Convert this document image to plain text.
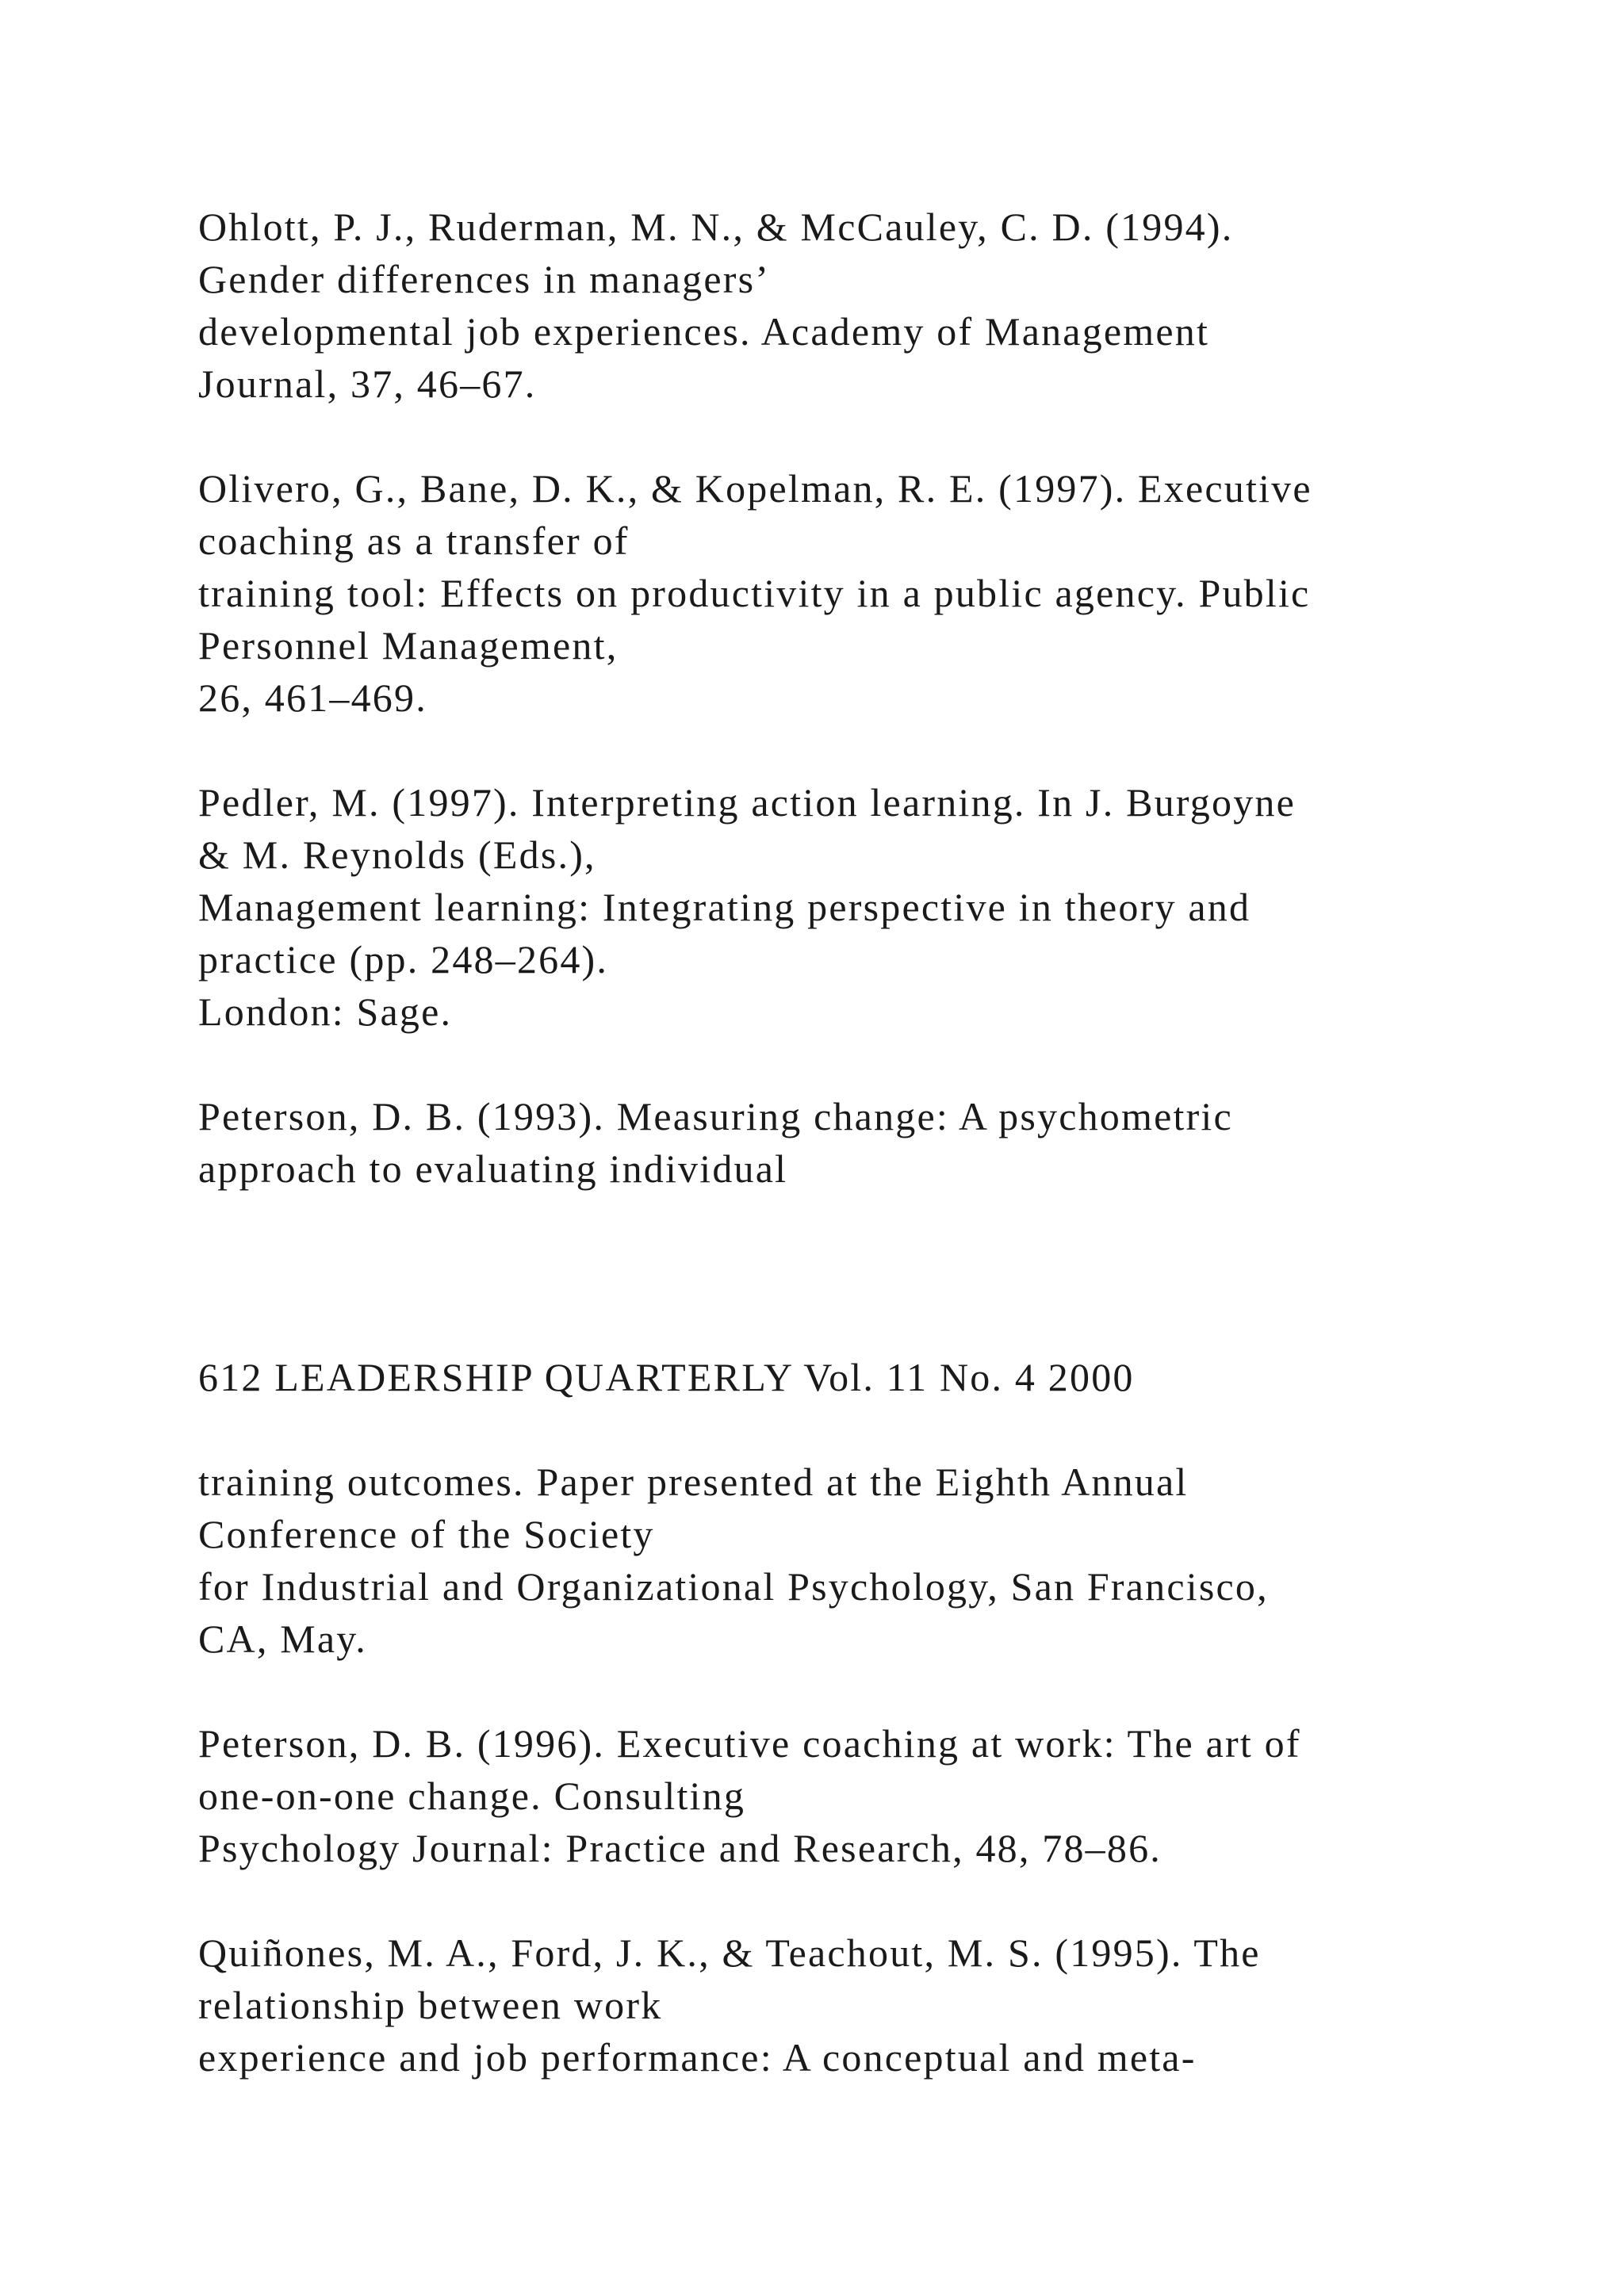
Ohlott, P. J., Ruderman, M. N., & McCauley, C. D. (1994).
Gender differences in managers’
developmental job experiences. Academy of Management
Journal, 37, 46–67.
Olivero, G., Bane, D. K., & Kopelman, R. E. (1997). Executive
coaching as a transfer of
training tool: Effects on productivity in a public agency. Public
Personnel Management,
26, 461–469.
Pedler, M. (1997). Interpreting action learning. In J. Burgoyne
& M. Reynolds (Eds.),
Management learning: Integrating perspective in theory and
practice (pp. 248–264).
London: Sage.
Peterson, D. B. (1993). Measuring change: A psychometric
approach to evaluating individual
612 LEADERSHIP QUARTERLY Vol. 11 No. 4 2000
training outcomes. Paper presented at the Eighth Annual
Conference of the Society
for Industrial and Organizational Psychology, San Francisco,
CA, May.
Peterson, D. B. (1996). Executive coaching at work: The art of
one-on-one change. Consulting
Psychology Journal: Practice and Research, 48, 78–86.
Quiñones, M. A., Ford, J. K., & Teachout, M. S. (1995). The
relationship between work
experience and job performance: A conceptual and meta-
